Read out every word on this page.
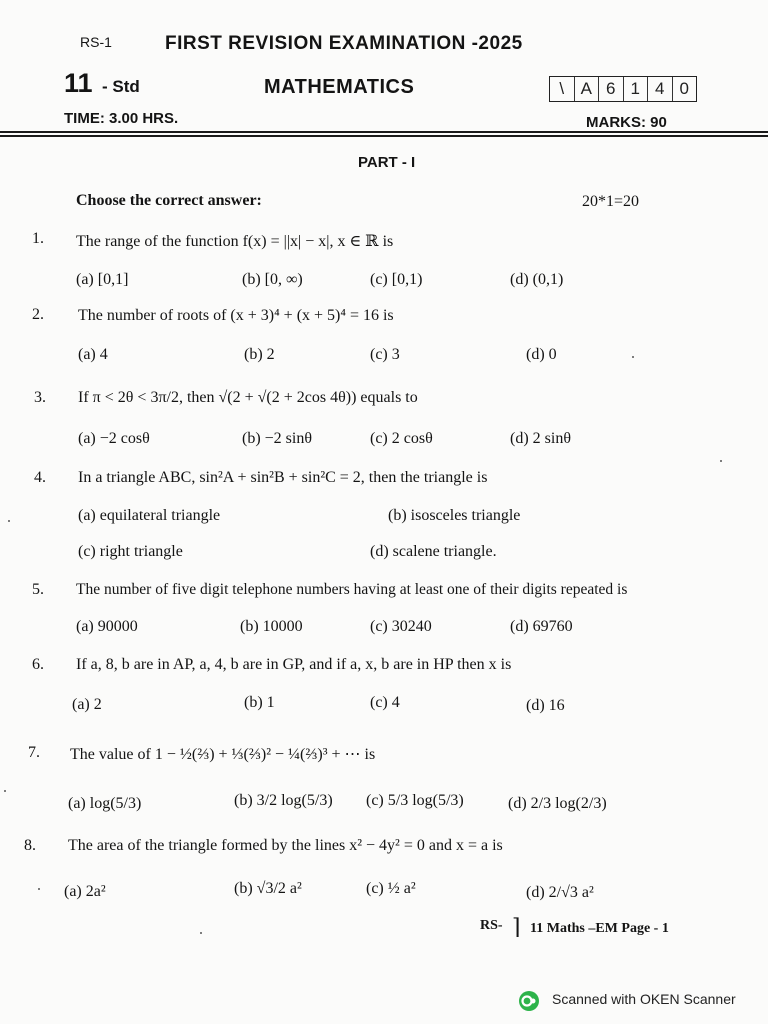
RS-1	FIRST REVISION EXAMINATION -2025
11 - Std	MATHEMATICS	\ A 6 1 4 0
TIME: 3.00 HRS.	MARKS: 90
PART - I
Choose the correct answer:	20*1=20
1. The range of the function f(x) = ||x| − x|, x ∈ ℝ is
(a) [0,1]	(b) [0, ∞)	(c) [0,1)	(d) (0,1)
2. The number of roots of (x + 3)⁴ + (x + 5)⁴ = 16 is
(a) 4	(b) 2	(c) 3	(d) 0
3. If π < 2θ < 3π/2, then √(2 + √(2 + 2cos 4θ)) equals to
(a) −2 cosθ	(b) −2 sinθ	(c) 2 cosθ	(d) 2 sinθ
4. In a triangle ABC, sin²A + sin²B + sin²C = 2, then the triangle is
(a) equilateral triangle	(b) isosceles triangle
(c) right triangle	(d) scalene triangle.
5. The number of five digit telephone numbers having at least one of their digits repeated is
(a) 90000	(b) 10000	(c) 30240	(d) 69760
6. If a, 8, b are in AP, a, 4, b are in GP, and if a, x, b are in HP then x is
(a) 2	(b) 1	(c) 4	(d) 16
7. The value of 1 − ½(⅔) + ⅓(⅔)² − ¼(⅔)³ + ⋯ is
(a) log(5/3)	(b) 3/2 log(5/3) (c) 5/3 log(5/3)	(d) 2/3 log(2/3)
8. The area of the triangle formed by the lines x² − 4y² = 0 and x = a is
(a) 2a²	(b) √3/2 a²	(c) ½ a²	(d) 2/√3 a²
RS- ⌉ 11 Maths –EM Page - 1
Scanned with OKEN Scanner
